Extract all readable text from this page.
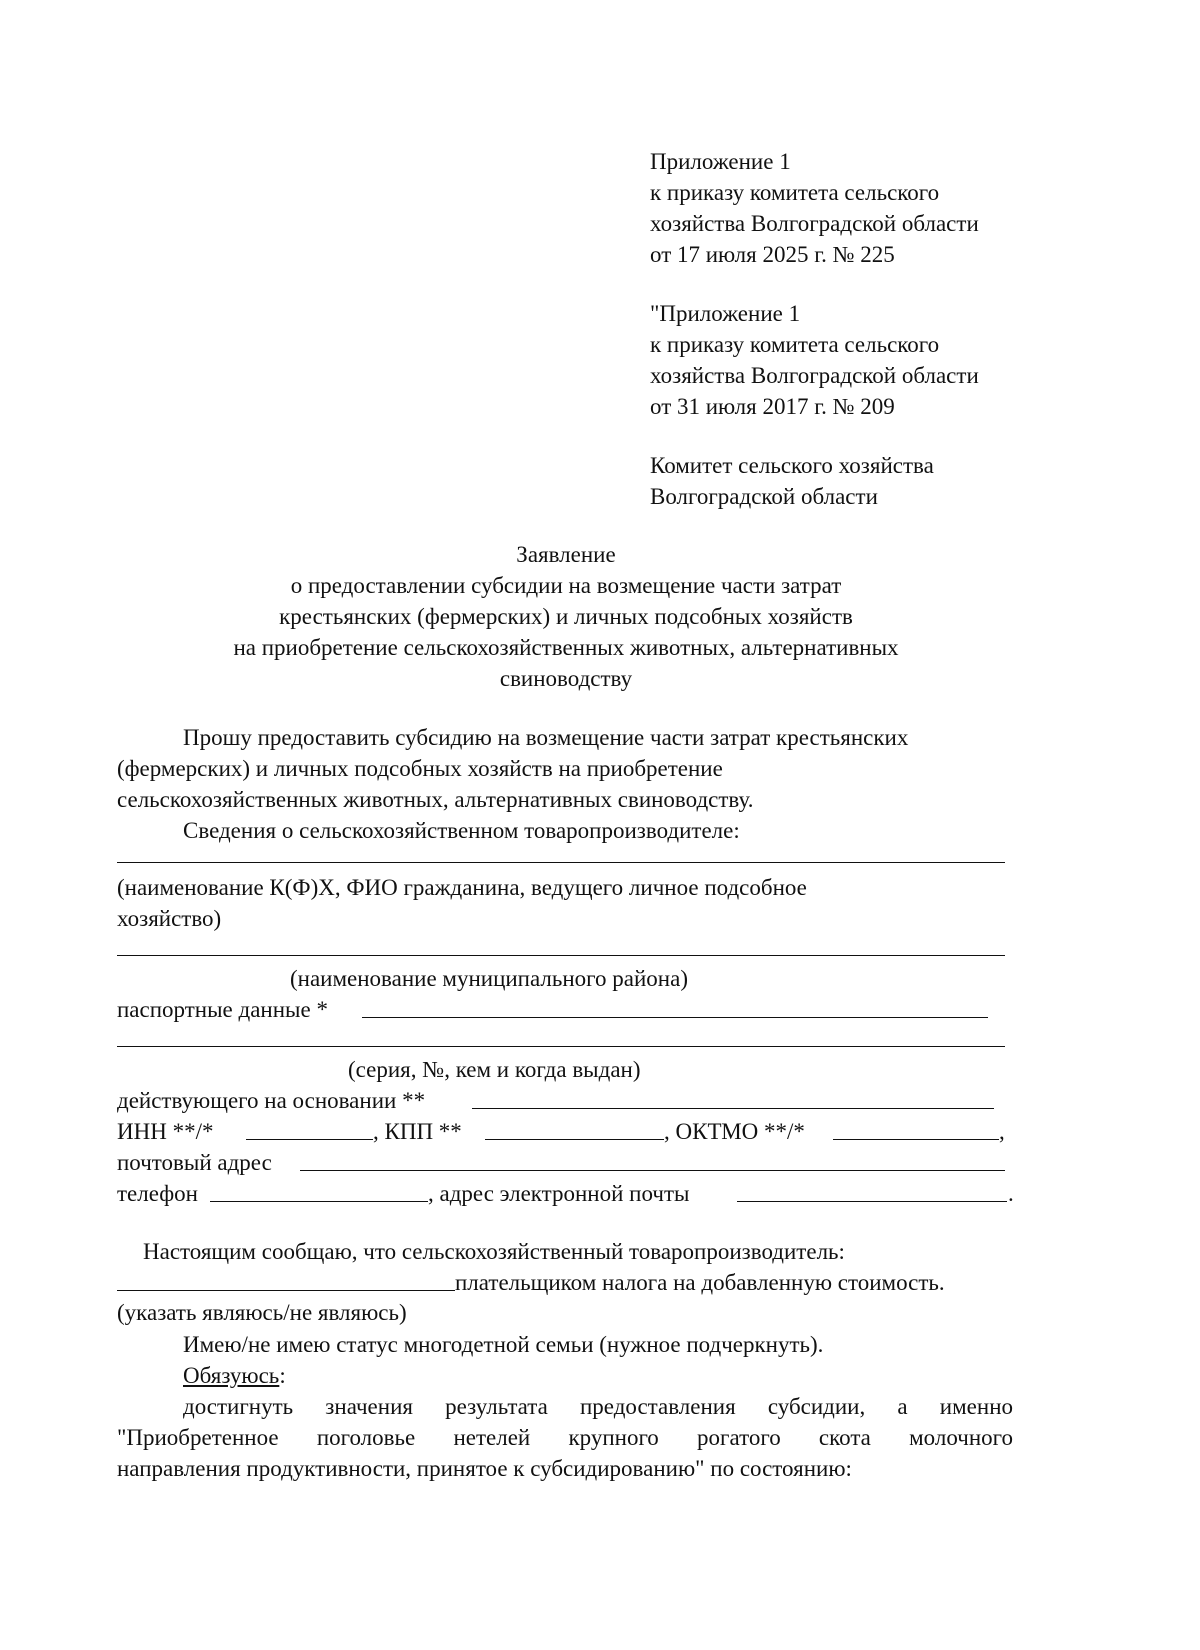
Приложение 1
к приказу комитета сельского
хозяйства Волгоградской области
от 17 июля 2025 г. № 225
"Приложение 1
к приказу комитета сельского
хозяйства Волгоградской области
от 31 июля 2017 г. № 209
Комитет сельского хозяйства
Волгоградской области
Заявление
о предоставлении субсидии на возмещение части затрат
крестьянских (фермерских) и личных подсобных хозяйств
на приобретение сельскохозяйственных животных, альтернативных
свиноводству
Прошу предоставить субсидию на возмещение части затрат крестьянских
(фермерских) и личных подсобных хозяйств на приобретение
сельскохозяйственных животных, альтернативных свиноводству.
Сведения о сельскохозяйственном товаропроизводителе:
(наименование К(Ф)Х, ФИО гражданина, ведущего личное подсобное
хозяйство)
(наименование муниципального района)
паспортные данные *
(серия, №, кем и когда выдан)
действующего на основании **
ИНН **/*	, КПП **	, ОКТМО **/*	,
почтовый адрес
телефон	, адрес электронной почты	.
Настоящим сообщаю, что сельскохозяйственный товаропроизводитель:
плательщиком налога на добавленную стоимость.
(указать являюсь/не являюсь)
Имею/не имею статус многодетной семьи (нужное подчеркнуть).
Обязуюсь:
достигнуть значения результата предоставления субсидии, а именно
"Приобретенное поголовье нетелей крупного рогатого скота молочного
направления продуктивности, принятое к субсидированию" по состоянию:
